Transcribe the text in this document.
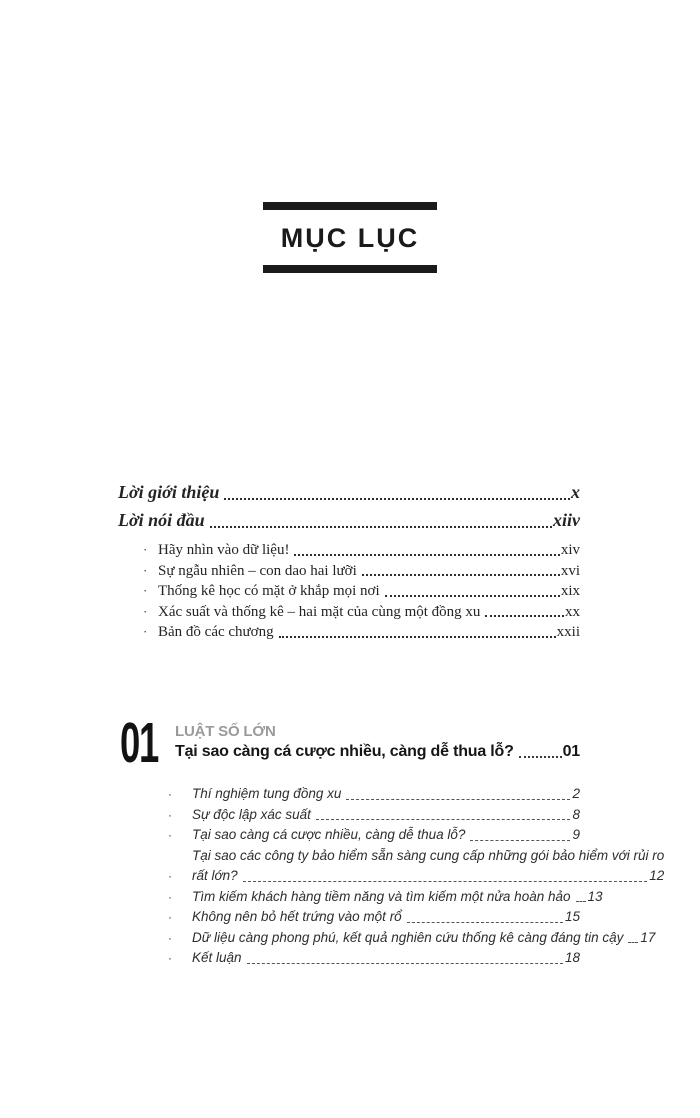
MỤC LỤC
Lời giới thiệu	x
Lời nói đầu	xiiv
· Hãy nhìn vào dữ liệu!	xiv
· Sự ngẫu nhiên – con dao hai lưỡi	xvi
· Thống kê học có mặt ở khắp mọi nơi	xix
· Xác suất và thống kê – hai mặt của cùng một đồng xu	xx
· Bản đồ các chương	xxii
01 LUẬT SỐ LỚN
Tại sao càng cá cược nhiều, càng dễ thua lỗ?	01
·	Thí nghiệm tung đồng xu	2
·	Sự độc lập xác suất	8
·	Tại sao càng cá cược nhiều, càng dễ thua lỗ?	9
·
Tại sao các công ty bảo hiểm sẵn sàng cung cấp những gói bảo hiểm với rủi ro
rất lớn?	12
·	Tìm kiếm khách hàng tiềm năng và tìm kiếm một nửa hoàn hảo 13
·	Không nên bỏ hết trứng vào một rổ	15
·	Dữ liệu càng phong phú, kết quả nghiên cứu thống kê càng đáng tin cậy 17
·	Kết luận	18
